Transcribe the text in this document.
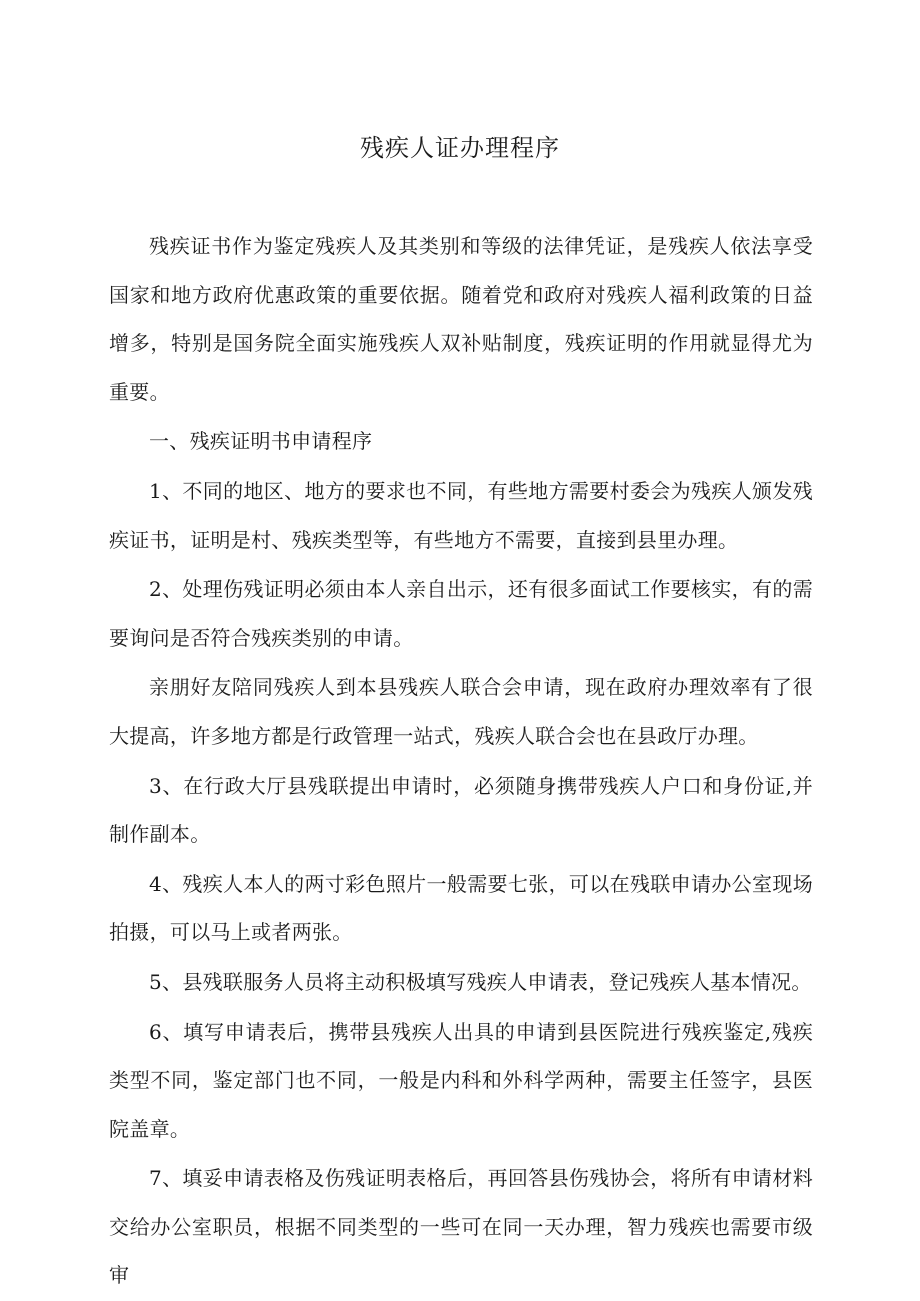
残疾人证办理程序

残疾证书作为鉴定残疾人及其类别和等级的法律凭证，是残疾人依法享受国家和地方政府优惠政策的重要依据。随着党和政府对残疾人福利政策的日益增多，特别是国务院全面实施残疾人双补贴制度，残疾证明的作用就显得尤为重要。

一、残疾证明书申请程序

1、不同的地区、地方的要求也不同，有些地方需要村委会为残疾人颁发残疾证书，证明是村、残疾类型等，有些地方不需要，直接到县里办理。

2、处理伤残证明必须由本人亲自出示，还有很多面试工作要核实，有的需要询问是否符合残疾类别的申请。

亲朋好友陪同残疾人到本县残疾人联合会申请，现在政府办理效率有了很大提高，许多地方都是行政管理一站式，残疾人联合会也在县政厅办理。

3、在行政大厅县残联提出申请时，必须随身携带残疾人户口和身份证,并制作副本。

4、残疾人本人的两寸彩色照片一般需要七张，可以在残联申请办公室现场拍摄，可以马上或者两张。

5、县残联服务人员将主动积极填写残疾人申请表，登记残疾人基本情况。

6、填写申请表后，携带县残疾人出具的申请到县医院进行残疾鉴定,残疾类型不同，鉴定部门也不同，一般是内科和外科学两种，需要主任签字，县医院盖章。

7、填妥申请表格及伤残证明表格后，再回答县伤残协会，将所有申请材料交给办公室职员，根据不同类型的一些可在同一天办理，智力残疾也需要市级审
